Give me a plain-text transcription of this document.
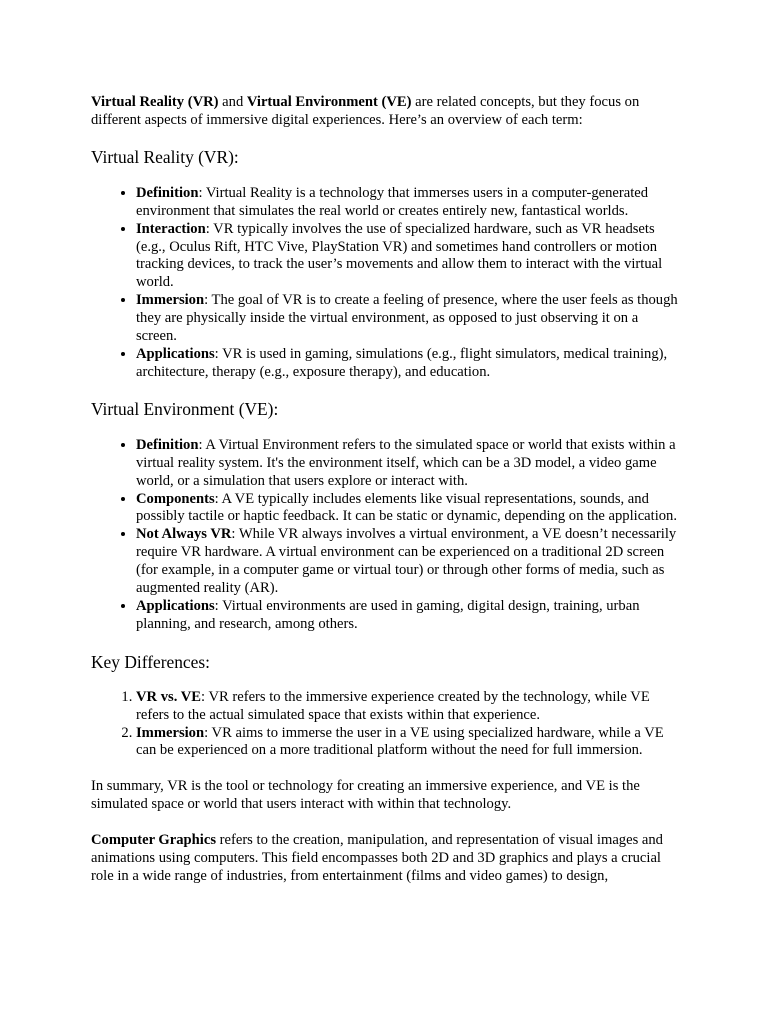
Virtual Reality (VR) and Virtual Environment (VE) are related concepts, but they focus on different aspects of immersive digital experiences. Here’s an overview of each term:

Virtual Reality (VR):
• Definition: Virtual Reality is a technology that immerses users in a computer-generated environment that simulates the real world or creates entirely new, fantastical worlds.
• Interaction: VR typically involves the use of specialized hardware, such as VR headsets (e.g., Oculus Rift, HTC Vive, PlayStation VR) and sometimes hand controllers or motion tracking devices, to track the user’s movements and allow them to interact with the virtual world.
• Immersion: The goal of VR is to create a feeling of presence, where the user feels as though they are physically inside the virtual environment, as opposed to just observing it on a screen.
• Applications: VR is used in gaming, simulations (e.g., flight simulators, medical training), architecture, therapy (e.g., exposure therapy), and education.
Virtual Environment (VE):
• Definition: A Virtual Environment refers to the simulated space or world that exists within a virtual reality system. It's the environment itself, which can be a 3D model, a video game world, or a simulation that users explore or interact with.
• Components: A VE typically includes elements like visual representations, sounds, and possibly tactile or haptic feedback. It can be static or dynamic, depending on the application.
• Not Always VR: While VR always involves a virtual environment, a VE doesn’t necessarily require VR hardware. A virtual environment can be experienced on a traditional 2D screen (for example, in a computer game or virtual tour) or through other forms of media, such as augmented reality (AR).
• Applications: Virtual environments are used in gaming, digital design, training, urban planning, and research, among others.
Key Differences:
1. VR vs. VE: VR refers to the immersive experience created by the technology, while VE refers to the actual simulated space that exists within that experience.
2. Immersion: VR aims to immerse the user in a VE using specialized hardware, while a VE can be experienced on a more traditional platform without the need for full immersion.

In summary, VR is the tool or technology for creating an immersive experience, and VE is the simulated space or world that users interact with within that technology.

Computer Graphics refers to the creation, manipulation, and representation of visual images and animations using computers. This field encompasses both 2D and 3D graphics and plays a crucial role in a wide range of industries, from entertainment (films and video games) to design,
